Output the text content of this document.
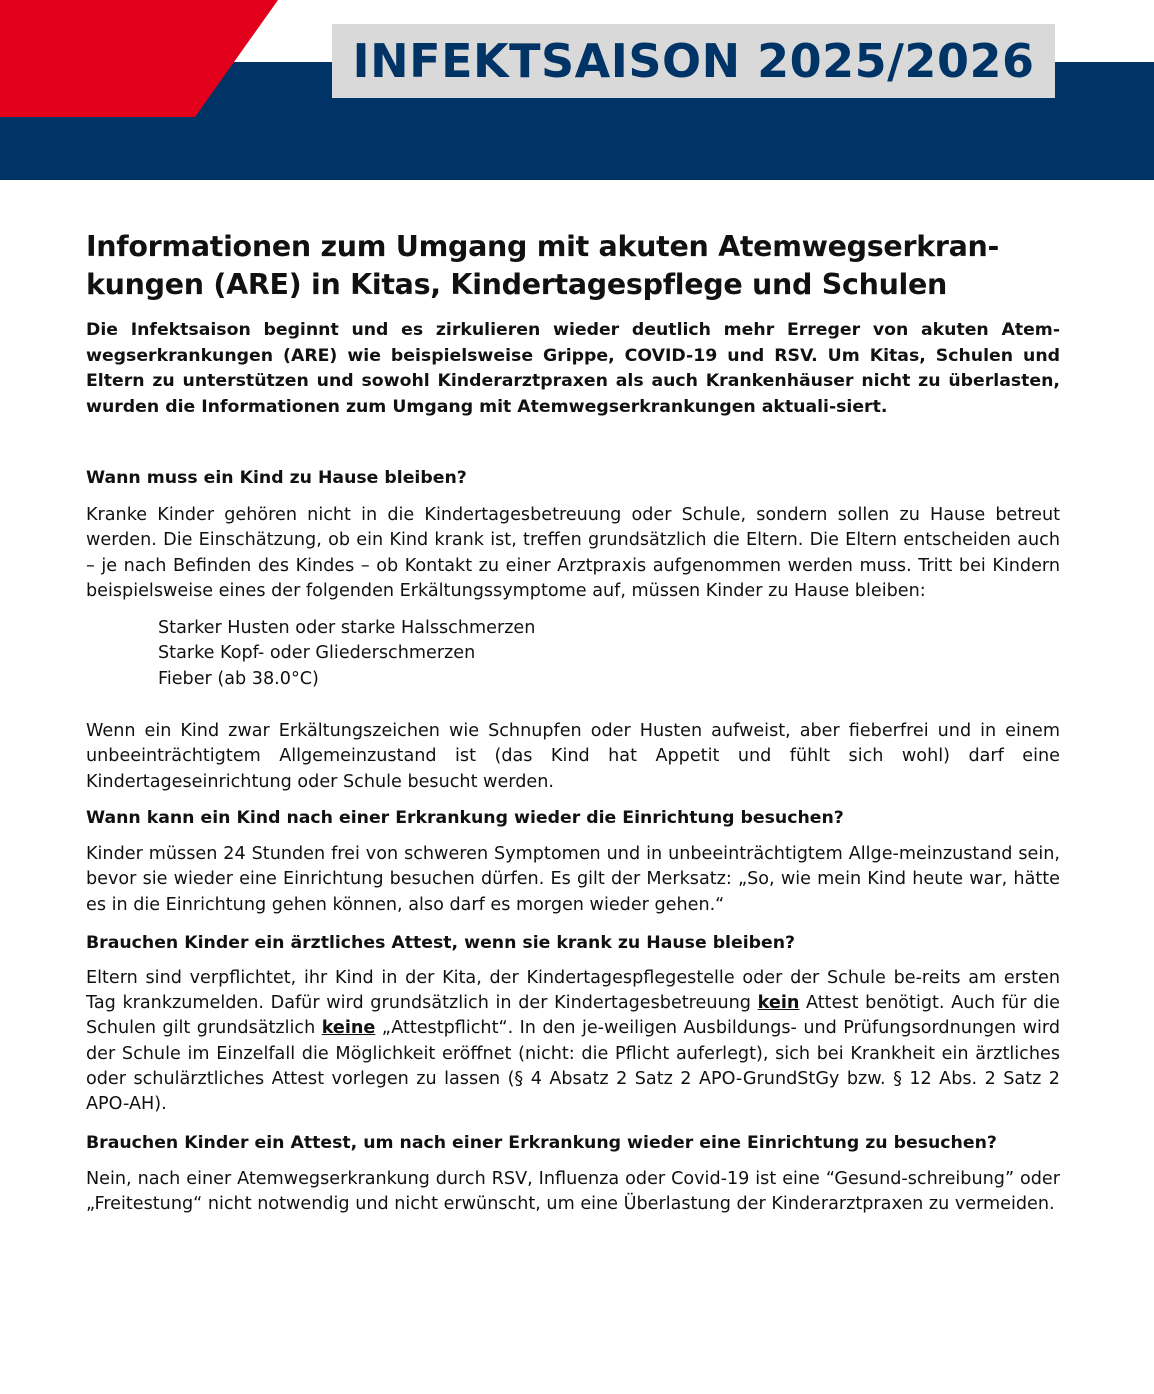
INFEKTSAISON 2025/2026
Informationen zum Umgang mit akuten Atemwegserkran-kungen (ARE) in Kitas, Kindertagespflege und Schulen

Die Infektsaison beginnt und es zirkulieren wieder deutlich mehr Erreger von akuten Atem-wegserkrankungen (ARE) wie beispielsweise Grippe, COVID-19 und RSV. Um Kitas, Schulen und Eltern zu unterstützen und sowohl Kinderarztpraxen als auch Krankenhäuser nicht zu überlasten, wurden die Informationen zum Umgang mit Atemwegserkrankungen aktuali-siert.

Wann muss ein Kind zu Hause bleiben?

Kranke Kinder gehören nicht in die Kindertagesbetreuung oder Schule, sondern sollen zu Hause betreut werden. Die Einschätzung, ob ein Kind krank ist, treffen grundsätzlich die Eltern. Die Eltern entscheiden auch – je nach Befinden des Kindes – ob Kontakt zu einer Arztpraxis aufgenommen werden muss. Tritt bei Kindern beispielsweise eines der folgenden Erkältungssymptome auf, müssen Kinder zu Hause bleiben:

Starker Husten oder starke Halsschmerzen
Starke Kopf- oder Gliederschmerzen
Fieber (ab 38.0°C)

Wenn ein Kind zwar Erkältungszeichen wie Schnupfen oder Husten aufweist, aber fieberfrei und in einem unbeeinträchtigtem Allgemeinzustand ist (das Kind hat Appetit und fühlt sich wohl) darf eine Kindertageseinrichtung oder Schule besucht werden.

Wann kann ein Kind nach einer Erkrankung wieder die Einrichtung besuchen?

Kinder müssen 24 Stunden frei von schweren Symptomen und in unbeeinträchtigtem Allge-meinzustand sein, bevor sie wieder eine Einrichtung besuchen dürfen. Es gilt der Merksatz: „So, wie mein Kind heute war, hätte es in die Einrichtung gehen können, also darf es morgen wieder gehen.“

Brauchen Kinder ein ärztliches Attest, wenn sie krank zu Hause bleiben?

Eltern sind verpflichtet, ihr Kind in der Kita, der Kindertagespflegestelle oder der Schule be-reits am ersten Tag krankzumelden. Dafür wird grundsätzlich in der Kindertagesbetreuung kein Attest benötigt. Auch für die Schulen gilt grundsätzlich keine „Attestpflicht“. In den je-weiligen Ausbildungs- und Prüfungsordnungen wird der Schule im Einzelfall die Möglichkeit eröffnet (nicht: die Pflicht auferlegt), sich bei Krankheit ein ärztliches oder schulärztliches Attest vorlegen zu lassen (§ 4 Absatz 2 Satz 2 APO-GrundStGy bzw. § 12 Abs. 2 Satz 2 APO-AH).

Brauchen Kinder ein Attest, um nach einer Erkrankung wieder eine Einrichtung zu besuchen?

Nein, nach einer Atemwegserkrankung durch RSV, Influenza oder Covid-19 ist eine “Gesund-schreibung” oder „Freitestung“ nicht notwendig und nicht erwünscht, um eine Überlastung der Kinderarztpraxen zu vermeiden.
